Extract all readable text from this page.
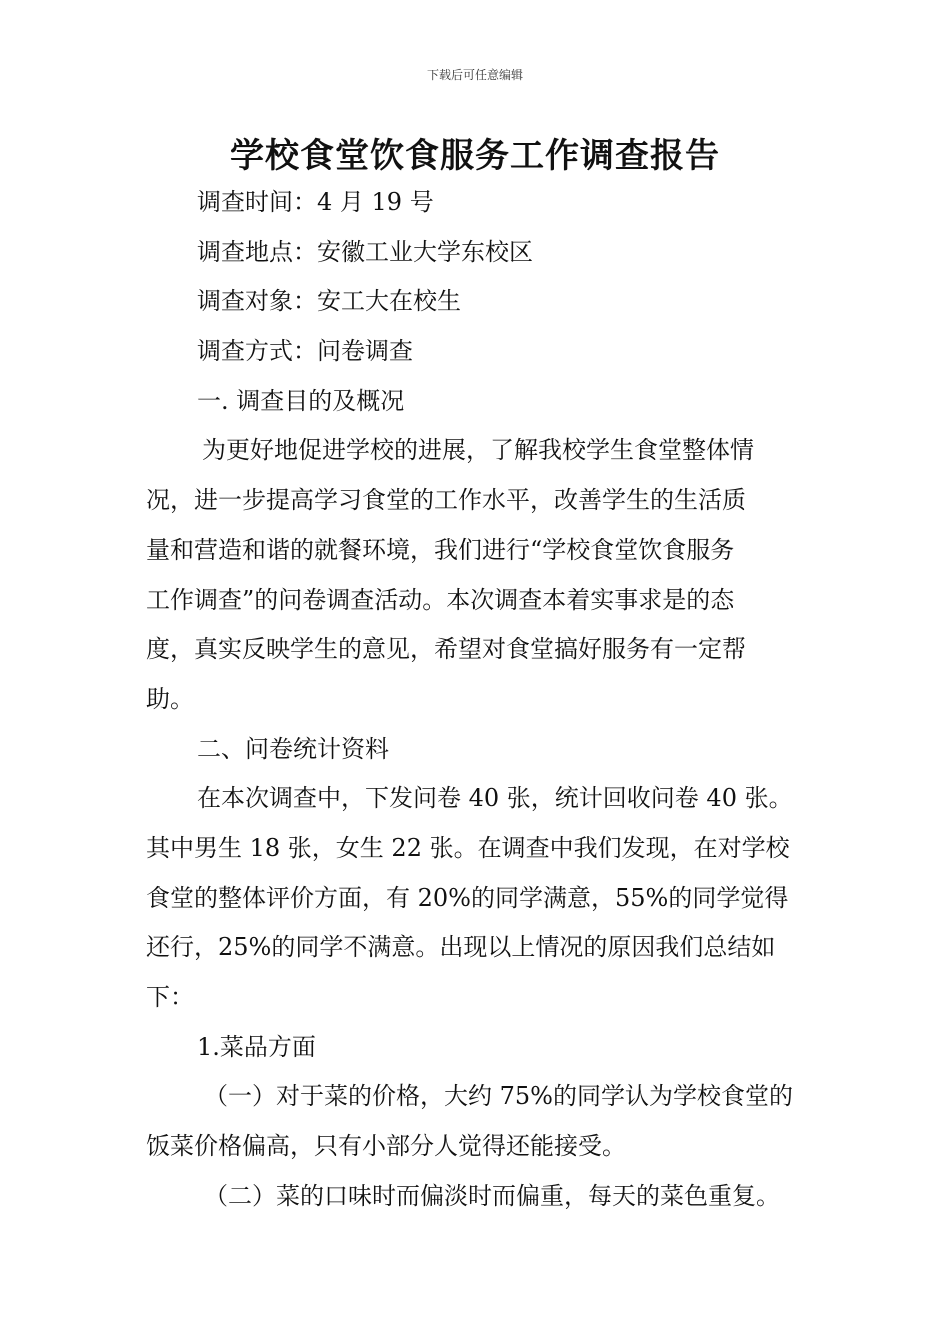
下载后可任意编辑
学校食堂饮食服务工作调查报告
调查时间：4 月 19 号
调查地点：安徽工业大学东校区
调查对象：安工大在校生
调查方式：问卷调查
一. 调查目的及概况
为更好地促进学校的进展，了解我校学生食堂整体情
况，进一步提高学习食堂的工作水平，改善学生的生活质
量和营造和谐的就餐环境，我们进行“学校食堂饮食服务
工作调查”的问卷调查活动。本次调查本着实事求是的态
度，真实反映学生的意见，希望对食堂搞好服务有一定帮
助。
二、问卷统计资料
在本次调查中，下发问卷 40 张，统计回收问卷 40 张。
其中男生 18 张，女生 22 张。在调查中我们发现，在对学校
食堂的整体评价方面，有 20%的同学满意，55%的同学觉得
还行，25%的同学不满意。出现以上情况的原因我们总结如
下：
1.菜品方面
（一）对于菜的价格，大约 75%的同学认为学校食堂的
饭菜价格偏高，只有小部分人觉得还能接受。
（二）菜的口味时而偏淡时而偏重，每天的菜色重复。
